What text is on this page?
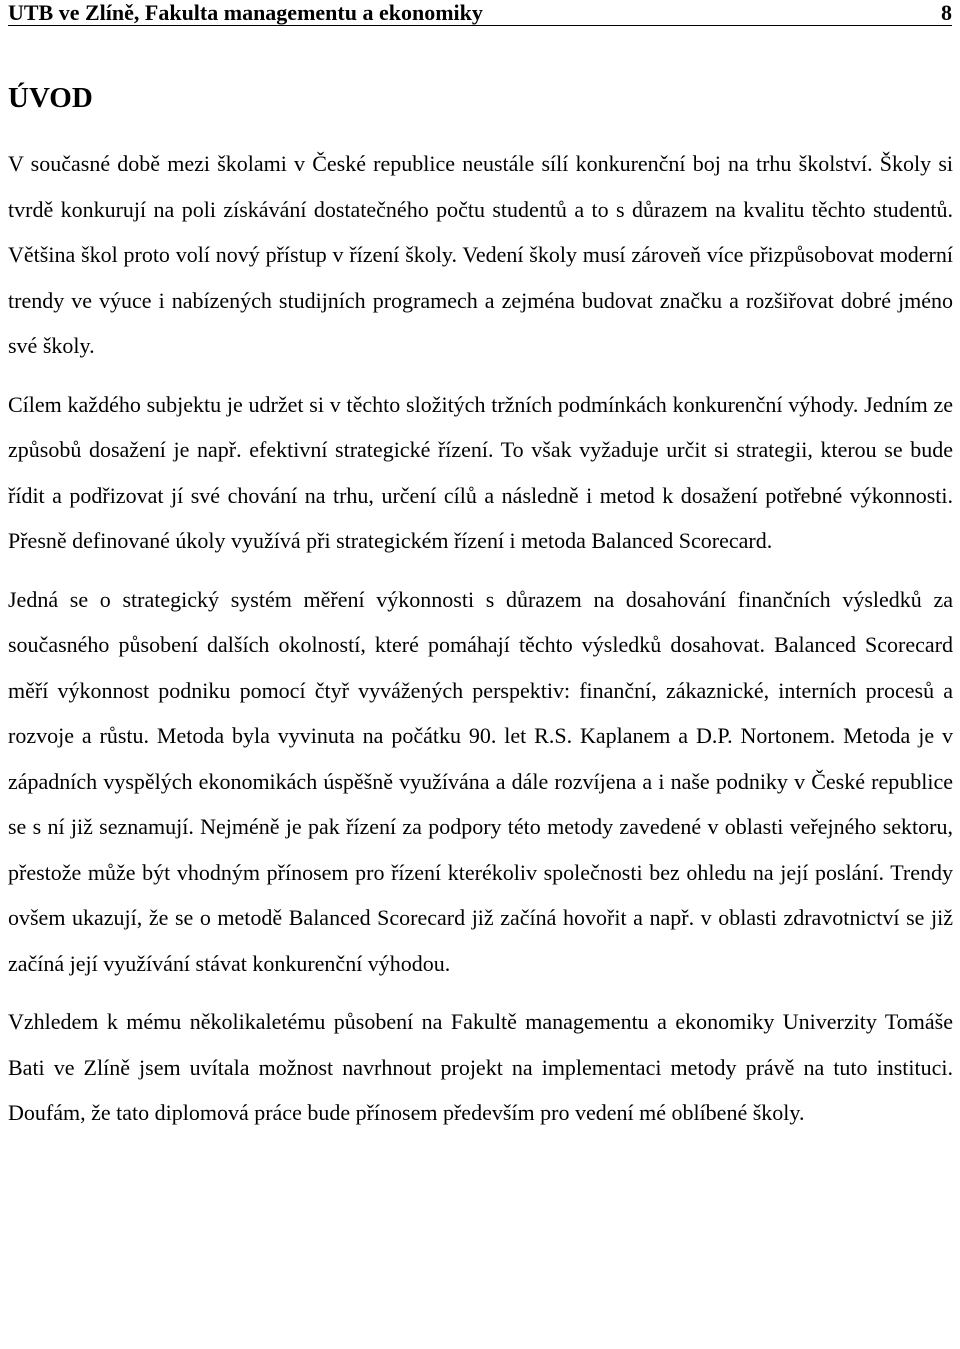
UTB ve Zlíně, Fakulta managementu a ekonomiky	8
ÚVOD

V současné době mezi školami v České republice neustále sílí konkurenční boj na trhu školství. Školy si tvrdě konkurují na poli získávání dostatečného počtu studentů a to s důrazem na kvalitu těchto studentů. Většina škol proto volí nový přístup v řízení školy. Vedení školy musí zároveň více přizpůsobovat moderní trendy ve výuce i nabízených studijních programech a zejména budovat značku a rozšiřovat dobré jméno své školy.

Cílem každého subjektu je udržet si v těchto složitých tržních podmínkách konkurenční výhody. Jedním ze způsobů dosažení je např. efektivní strategické řízení. To však vyžaduje určit si strategii, kterou se bude řídit a podřizovat jí své chování na trhu, určení cílů a následně i metod k dosažení potřebné výkonnosti. Přesně definované úkoly využívá při strategickém řízení i metoda Balanced Scorecard.

Jedná se o strategický systém měření výkonnosti s důrazem na dosahování finančních výsledků za současného působení dalších okolností, které pomáhají těchto výsledků dosahovat. Balanced Scorecard měří výkonnost podniku pomocí čtyř vyvážených perspektiv: finanční, zákaznické, interních procesů a rozvoje a růstu. Metoda byla vyvinuta na počátku 90. let R.S. Kaplanem a D.P. Nortonem. Metoda je v západních vyspělých ekonomikách úspěšně využívána a dále rozvíjena a i naše podniky v České republice se s ní již seznamují. Nejméně je pak řízení za podpory této metody zavedené v oblasti veřejného sektoru, přestože může být vhodným přínosem pro řízení kterékoliv společnosti bez ohledu na její poslání. Trendy ovšem ukazují, že se o metodě Balanced Scorecard již začíná hovořit a např. v oblasti zdravotnictví se již začíná její využívání stávat konkurenční výhodou.

Vzhledem k mému několikaletému působení na Fakultě managementu a ekonomiky Univerzity Tomáše Bati ve Zlíně jsem uvítala možnost navrhnout projekt na implementaci metody právě na tuto instituci. Doufám, že tato diplomová práce bude přínosem především pro vedení mé oblíbené školy.
